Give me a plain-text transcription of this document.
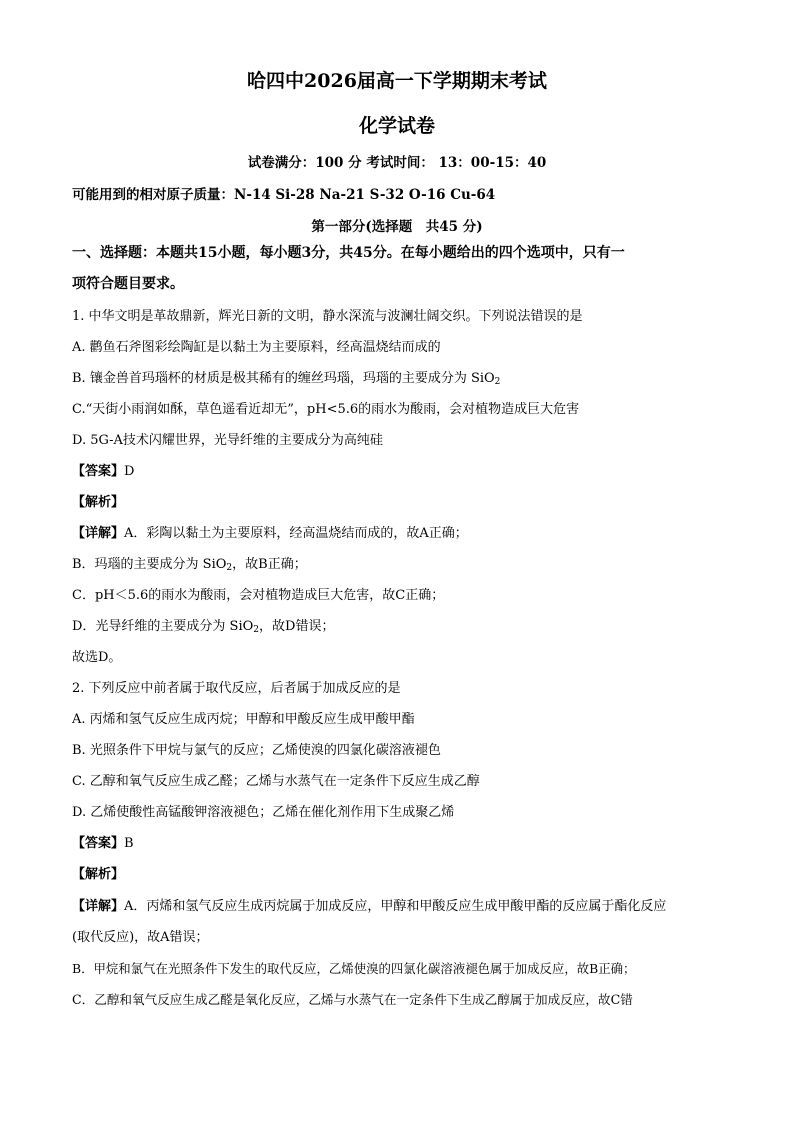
哈四中2026届高一下学期期末考试
化学试卷
试卷满分：100 分 考试时间： 13：00-15：40
可能用到的相对原子质量：N-14 Si-28 Na-21 S-32 O-16 Cu-64
第一部分(选择题　共45 分)
一、选择题：本题共15小题，每小题3分，共45分。在每小题给出的四个选项中，只有一
项符合题目要求。
1. 中华文明是革故鼎新，辉光日新的文明，静水深流与波澜壮阔交织。下列说法错误的是
A. 鹳鱼石斧图彩绘陶缸是以黏土为主要原料，经高温烧结而成的
B. 镶金兽首玛瑙杯的材质是极其稀有的缠丝玛瑙，玛瑙的主要成分为 SiO$_2$
C.“天街小雨润如酥，草色遥看近却无”，pH<5.6的雨水为酸雨，会对植物造成巨大危害
D. 5G-A技术闪耀世界，光导纤维的主要成分为高纯硅
【答案】D
【解析】
【详解】A．彩陶以黏土为主要原料，经高温烧结而成的，故A正确；
B．玛瑙的主要成分为 SiO$_2$，故B正确；
C．pH＜5.6的雨水为酸雨，会对植物造成巨大危害，故C正确；
D．光导纤维的主要成分为 SiO$_2$，故D错误；
故选D。
2. 下列反应中前者属于取代反应，后者属于加成反应的是
A. 丙烯和氢气反应生成丙烷；甲醇和甲酸反应生成甲酸甲酯
B. 光照条件下甲烷与氯气的反应；乙烯使溴的四氯化碳溶液褪色
C. 乙醇和氧气反应生成乙醛；乙烯与水蒸气在一定条件下反应生成乙醇
D. 乙烯使酸性高锰酸钾溶液褪色；乙烯在催化剂作用下生成聚乙烯
【答案】B
【解析】
【详解】A．丙烯和氢气反应生成丙烷属于加成反应，甲醇和甲酸反应生成甲酸甲酯的反应属于酯化反应
(取代反应)，故A错误；
B．甲烷和氯气在光照条件下发生的取代反应，乙烯使溴的四氯化碳溶液褪色属于加成反应，故B正确；
C．乙醇和氧气反应生成乙醛是氧化反应，乙烯与水蒸气在一定条件下生成乙醇属于加成反应，故C错
